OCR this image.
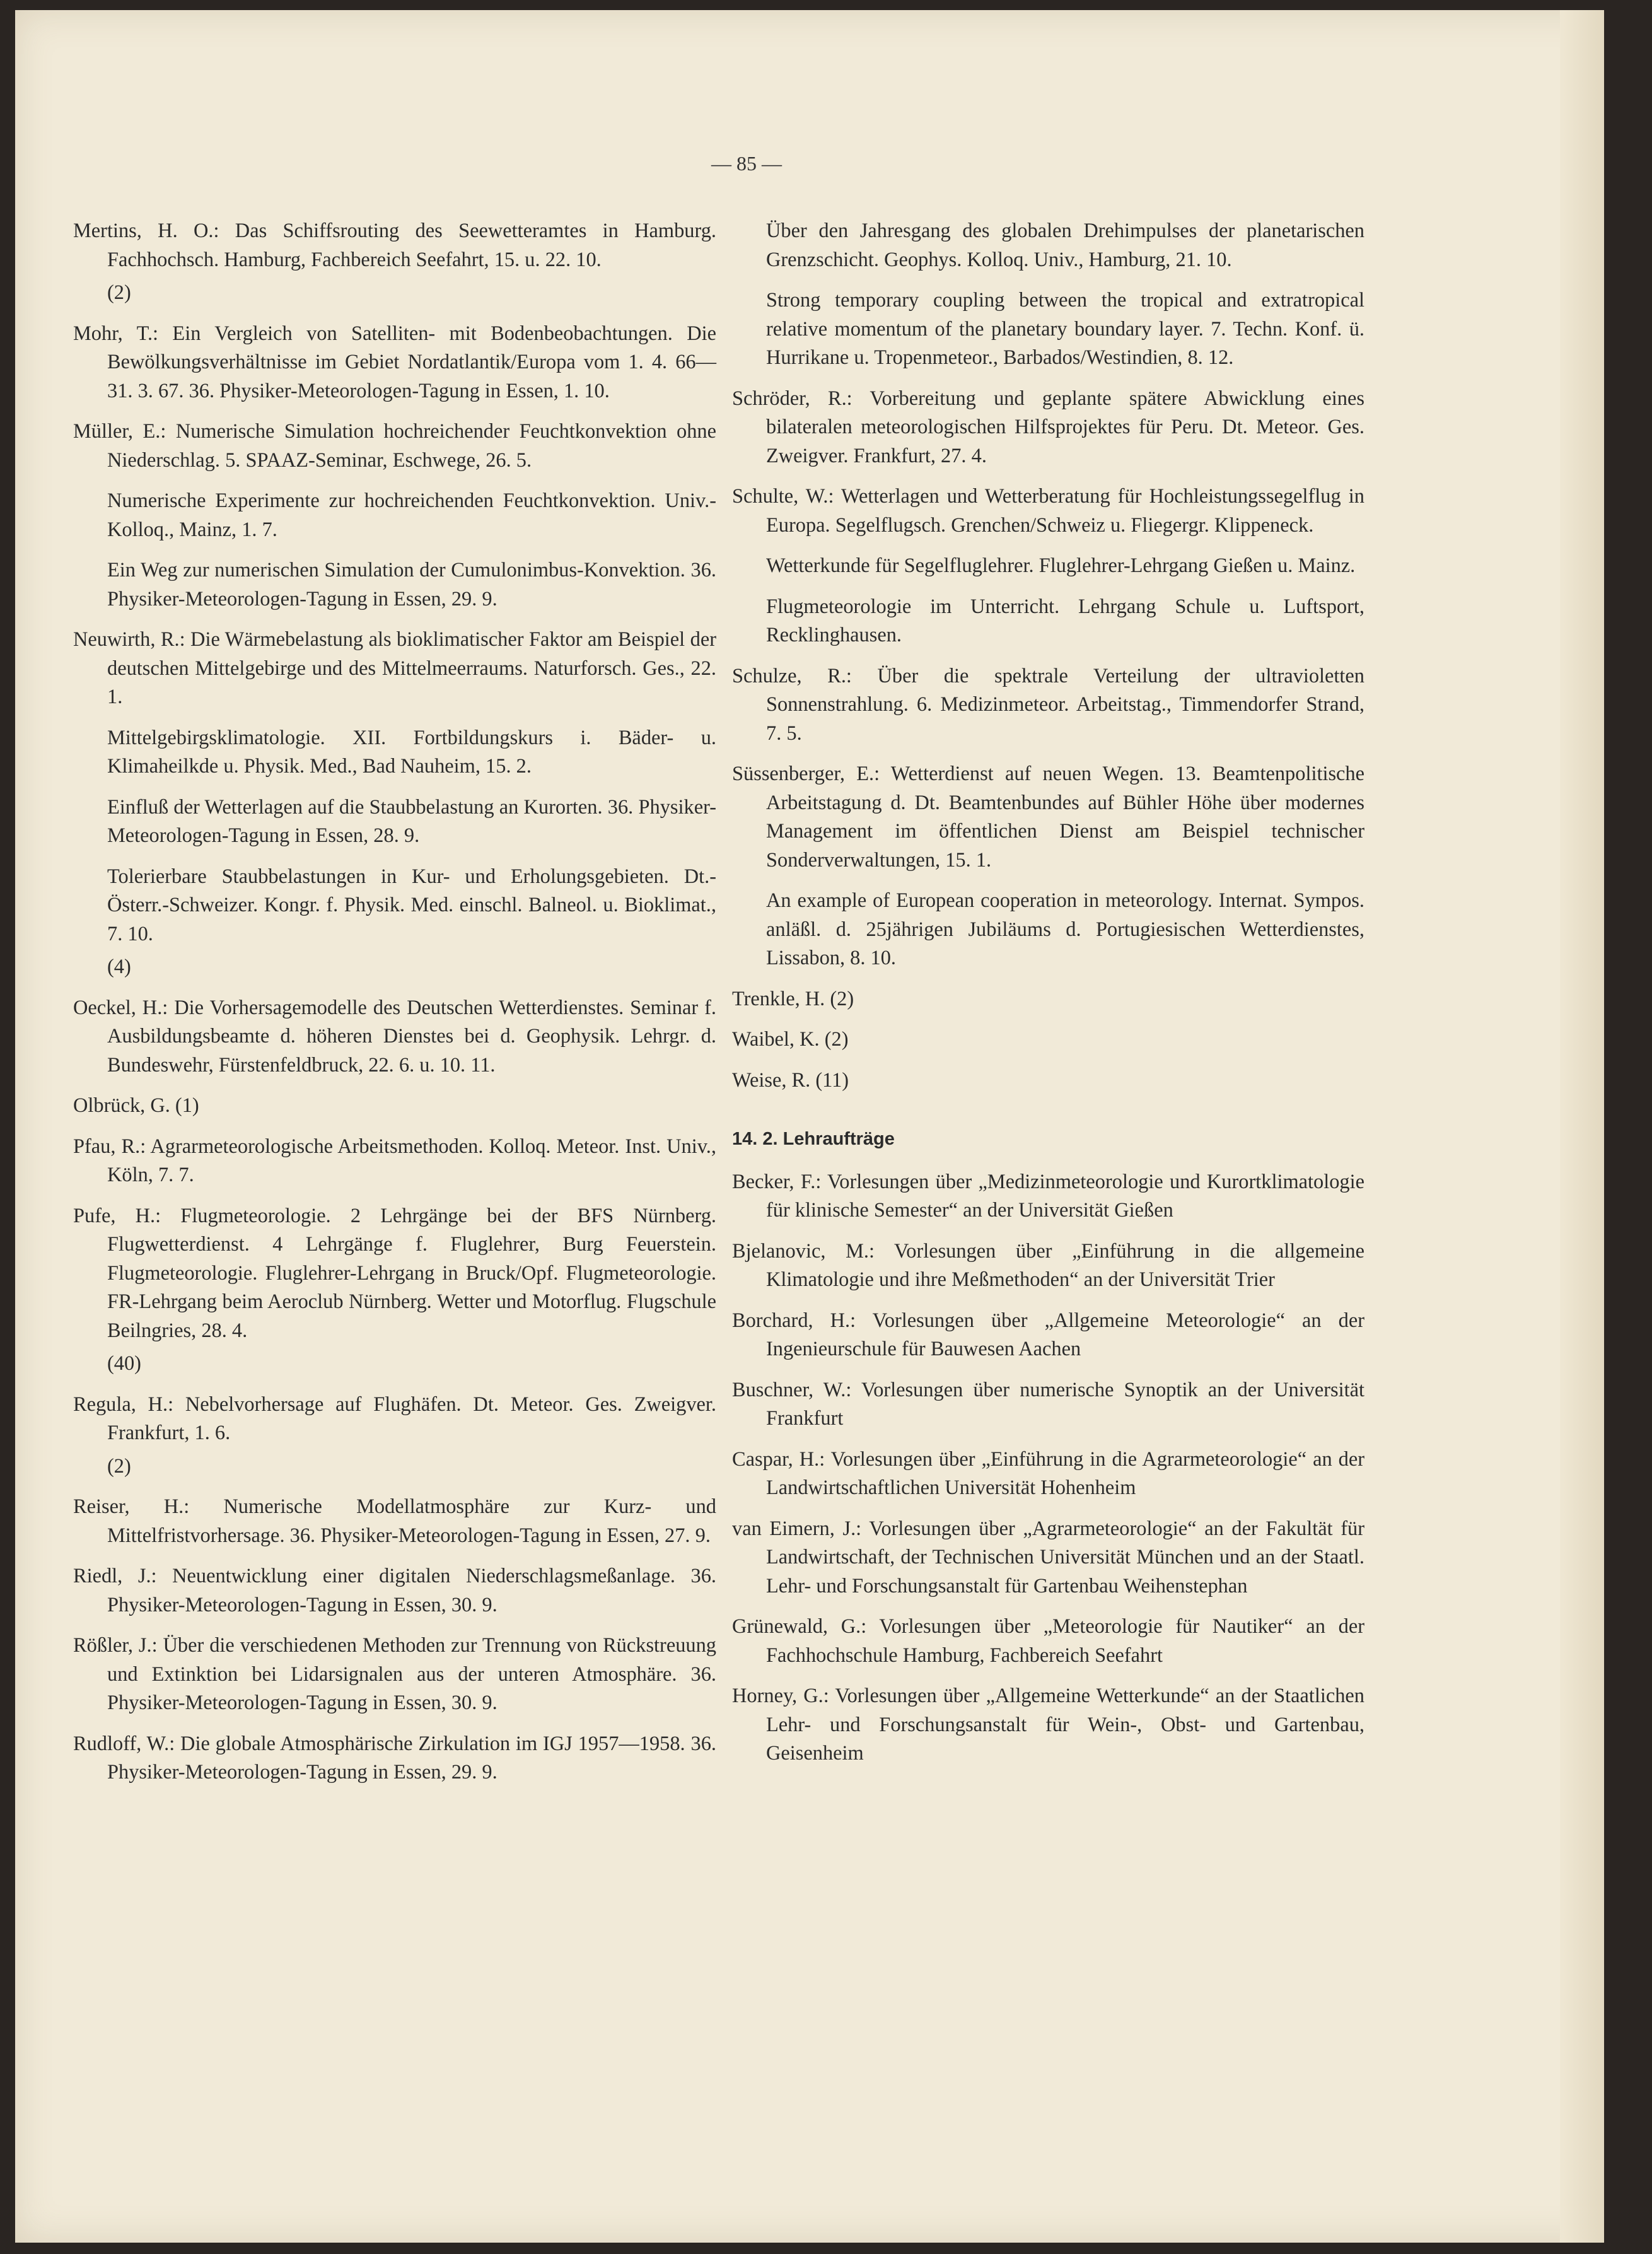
— 85 —
Mertins, H. O.: Das Schiffsrouting des Seewetteramtes in Hamburg. Fachhochsch. Hamburg, Fachbereich Seefahrt, 15. u. 22. 10.
(2)
Mohr, T.: Ein Vergleich von Satelliten- mit Bodenbeobachtungen. Die Bewölkungsverhältnisse im Gebiet Nordatlantik/Europa vom 1. 4. 66—31. 3. 67. 36. Physiker-Meteorologen-Tagung in Essen, 1. 10.
Müller, E.: Numerische Simulation hochreichender Feuchtkonvektion ohne Niederschlag. 5. SPAAZ-Seminar, Eschwege, 26. 5.
Numerische Experimente zur hochreichenden Feuchtkonvektion. Univ.-Kolloq., Mainz, 1. 7.
Ein Weg zur numerischen Simulation der Cumulonimbus-Konvektion. 36. Physiker-Meteorologen-Tagung in Essen, 29. 9.
Neuwirth, R.: Die Wärmebelastung als bioklimatischer Faktor am Beispiel der deutschen Mittelgebirge und des Mittelmeerraums. Naturforsch. Ges., 22. 1.
Mittelgebirgsklimatologie. XII. Fortbildungskurs i. Bäder- u. Klimaheilkde u. Physik. Med., Bad Nauheim, 15. 2.
Einfluß der Wetterlagen auf die Staubbelastung an Kurorten. 36. Physiker-Meteorologen-Tagung in Essen, 28. 9.
Tolerierbare Staubbelastungen in Kur- und Erholungsgebieten. Dt.-Österr.-Schweizer. Kongr. f. Physik. Med. einschl. Balneol. u. Bioklimat., 7. 10.
(4)
Oeckel, H.: Die Vorhersagemodelle des Deutschen Wetterdienstes. Seminar f. Ausbildungsbeamte d. höheren Dienstes bei d. Geophysik. Lehrgr. d. Bundeswehr, Fürstenfeldbruck, 22. 6. u. 10. 11.
Olbrück, G. (1)
Pfau, R.: Agrarmeteorologische Arbeitsmethoden. Kolloq. Meteor. Inst. Univ., Köln, 7. 7.
Pufe, H.: Flugmeteorologie. 2 Lehrgänge bei der BFS Nürnberg. Flugwetterdienst. 4 Lehrgänge f. Fluglehrer, Burg Feuerstein. Flugmeteorologie. Fluglehrer-Lehrgang in Bruck/Opf. Flugmeteorologie. FR-Lehrgang beim Aeroclub Nürnberg. Wetter und Motorflug. Flugschule Beilngries, 28. 4.
(40)
Regula, H.: Nebelvorhersage auf Flughäfen. Dt. Meteor. Ges. Zweigver. Frankfurt, 1. 6.
(2)
Reiser, H.: Numerische Modellatmosphäre zur Kurz- und Mittelfristvorhersage. 36. Physiker-Meteorologen-Tagung in Essen, 27. 9.
Riedl, J.: Neuentwicklung einer digitalen Niederschlagsmeßanlage. 36. Physiker-Meteorologen-Tagung in Essen, 30. 9.
Rößler, J.: Über die verschiedenen Methoden zur Trennung von Rückstreuung und Extinktion bei Lidarsignalen aus der unteren Atmosphäre. 36. Physiker-Meteorologen-Tagung in Essen, 30. 9.
Rudloff, W.: Die globale Atmosphärische Zirkulation im IGJ 1957—1958. 36. Physiker-Meteorologen-Tagung in Essen, 29. 9.
Über den Jahresgang des globalen Drehimpulses der planetarischen Grenzschicht. Geophys. Kolloq. Univ., Hamburg, 21. 10.
Strong temporary coupling between the tropical and extratropical relative momentum of the planetary boundary layer. 7. Techn. Konf. ü. Hurrikane u. Tropenmeteor., Barbados/Westindien, 8. 12.
Schröder, R.: Vorbereitung und geplante spätere Abwicklung eines bilateralen meteorologischen Hilfsprojektes für Peru. Dt. Meteor. Ges. Zweigver. Frankfurt, 27. 4.
Schulte, W.: Wetterlagen und Wetterberatung für Hochleistungssegelflug in Europa. Segelflugsch. Grenchen/Schweiz u. Fliegergr. Klippeneck.
Wetterkunde für Segelfluglehrer. Fluglehrer-Lehrgang Gießen u. Mainz.
Flugmeteorologie im Unterricht. Lehrgang Schule u. Luftsport, Recklinghausen.
Schulze, R.: Über die spektrale Verteilung der ultravioletten Sonnenstrahlung. 6. Medizinmeteor. Arbeitstag., Timmendorfer Strand, 7. 5.
Süssenberger, E.: Wetterdienst auf neuen Wegen. 13. Beamtenpolitische Arbeitstagung d. Dt. Beamtenbundes auf Bühler Höhe über modernes Management im öffentlichen Dienst am Beispiel technischer Sonderverwaltungen, 15. 1.
An example of European cooperation in meteorology. Internat. Sympos. anläßl. d. 25jährigen Jubiläums d. Portugiesischen Wetterdienstes, Lissabon, 8. 10.
Trenkle, H. (2)
Waibel, K. (2)
Weise, R. (11)
14. 2. Lehraufträge
Becker, F.: Vorlesungen über „Medizinmeteorologie und Kurortklimatologie für klinische Semester“ an der Universität Gießen
Bjelanovic, M.: Vorlesungen über „Einführung in die allgemeine Klimatologie und ihre Meßmethoden“ an der Universität Trier
Borchard, H.: Vorlesungen über „Allgemeine Meteorologie“ an der Ingenieurschule für Bauwesen Aachen
Buschner, W.: Vorlesungen über numerische Synoptik an der Universität Frankfurt
Caspar, H.: Vorlesungen über „Einführung in die Agrarmeteorologie“ an der Landwirtschaftlichen Universität Hohenheim
van Eimern, J.: Vorlesungen über „Agrarmeteorologie“ an der Fakultät für Landwirtschaft, der Technischen Universität München und an der Staatl. Lehr- und Forschungsanstalt für Gartenbau Weihenstephan
Grünewald, G.: Vorlesungen über „Meteorologie für Nautiker“ an der Fachhochschule Hamburg, Fachbereich Seefahrt
Horney, G.: Vorlesungen über „Allgemeine Wetterkunde“ an der Staatlichen Lehr- und Forschungsanstalt für Wein-, Obst- und Gartenbau, Geisenheim
